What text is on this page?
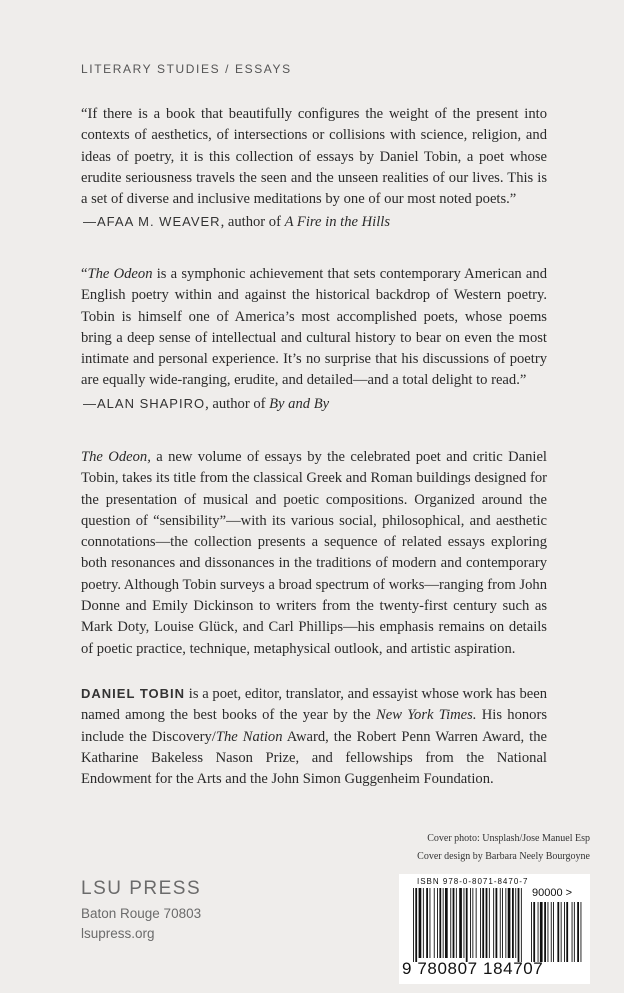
LITERARY STUDIES / ESSAYS

“If there is a book that beautifully configures the weight of the present into contexts of aesthetics, of intersections or collisions with science, religion, and ideas of poetry, it is this collection of essays by Daniel Tobin, a poet whose erudite seriousness travels the seen and the unseen realities of our lives. This is a set of diverse and inclusive meditations by one of our most noted poets.”

—AFAA M. WEAVER, author of A Fire in the Hills

“The Odeon is a symphonic achievement that sets contemporary American and English poetry within and against the historical backdrop of Western poetry. Tobin is himself one of America’s most accomplished poets, whose poems bring a deep sense of intellectual and cultural history to bear on even the most intimate and personal experience. It’s no surprise that his discussions of poetry are equally wide-ranging, erudite, and detailed—and a total delight to read.”

—ALAN SHAPIRO, author of By and By

The Odeon, a new volume of essays by the celebrated poet and critic Daniel Tobin, takes its title from the classical Greek and Roman buildings designed for the presentation of musical and poetic compositions. Organized around the question of “sensibility”—with its various social, philosophical, and aesthetic connotations—the collection presents a sequence of related essays exploring both resonances and dissonances in the traditions of modern and contemporary poetry. Although Tobin surveys a broad spectrum of works—ranging from John Donne and Emily Dickinson to writers from the twenty-first century such as Mark Doty, Louise Glück, and Carl Phillips—his emphasis remains on details of poetic practice, technique, metaphysical outlook, and artistic aspiration.

DANIEL TOBIN is a poet, editor, translator, and essayist whose work has been named among the best books of the year by the New York Times. His honors include the Discovery/The Nation Award, the Robert Penn Warren Award, the Katharine Bakeless Nason Prize, and fellowships from the National Endowment for the Arts and the John Simon Guggenheim Foundation.

Cover photo: Unsplash/Jose Manuel Esp
Cover design by Barbara Neely Bourgoyne
LSU PRESS
Baton Rouge 70803
lsupress.org
ISBN 978-0-8071-8470-7
90000 >
9 780807 184707
